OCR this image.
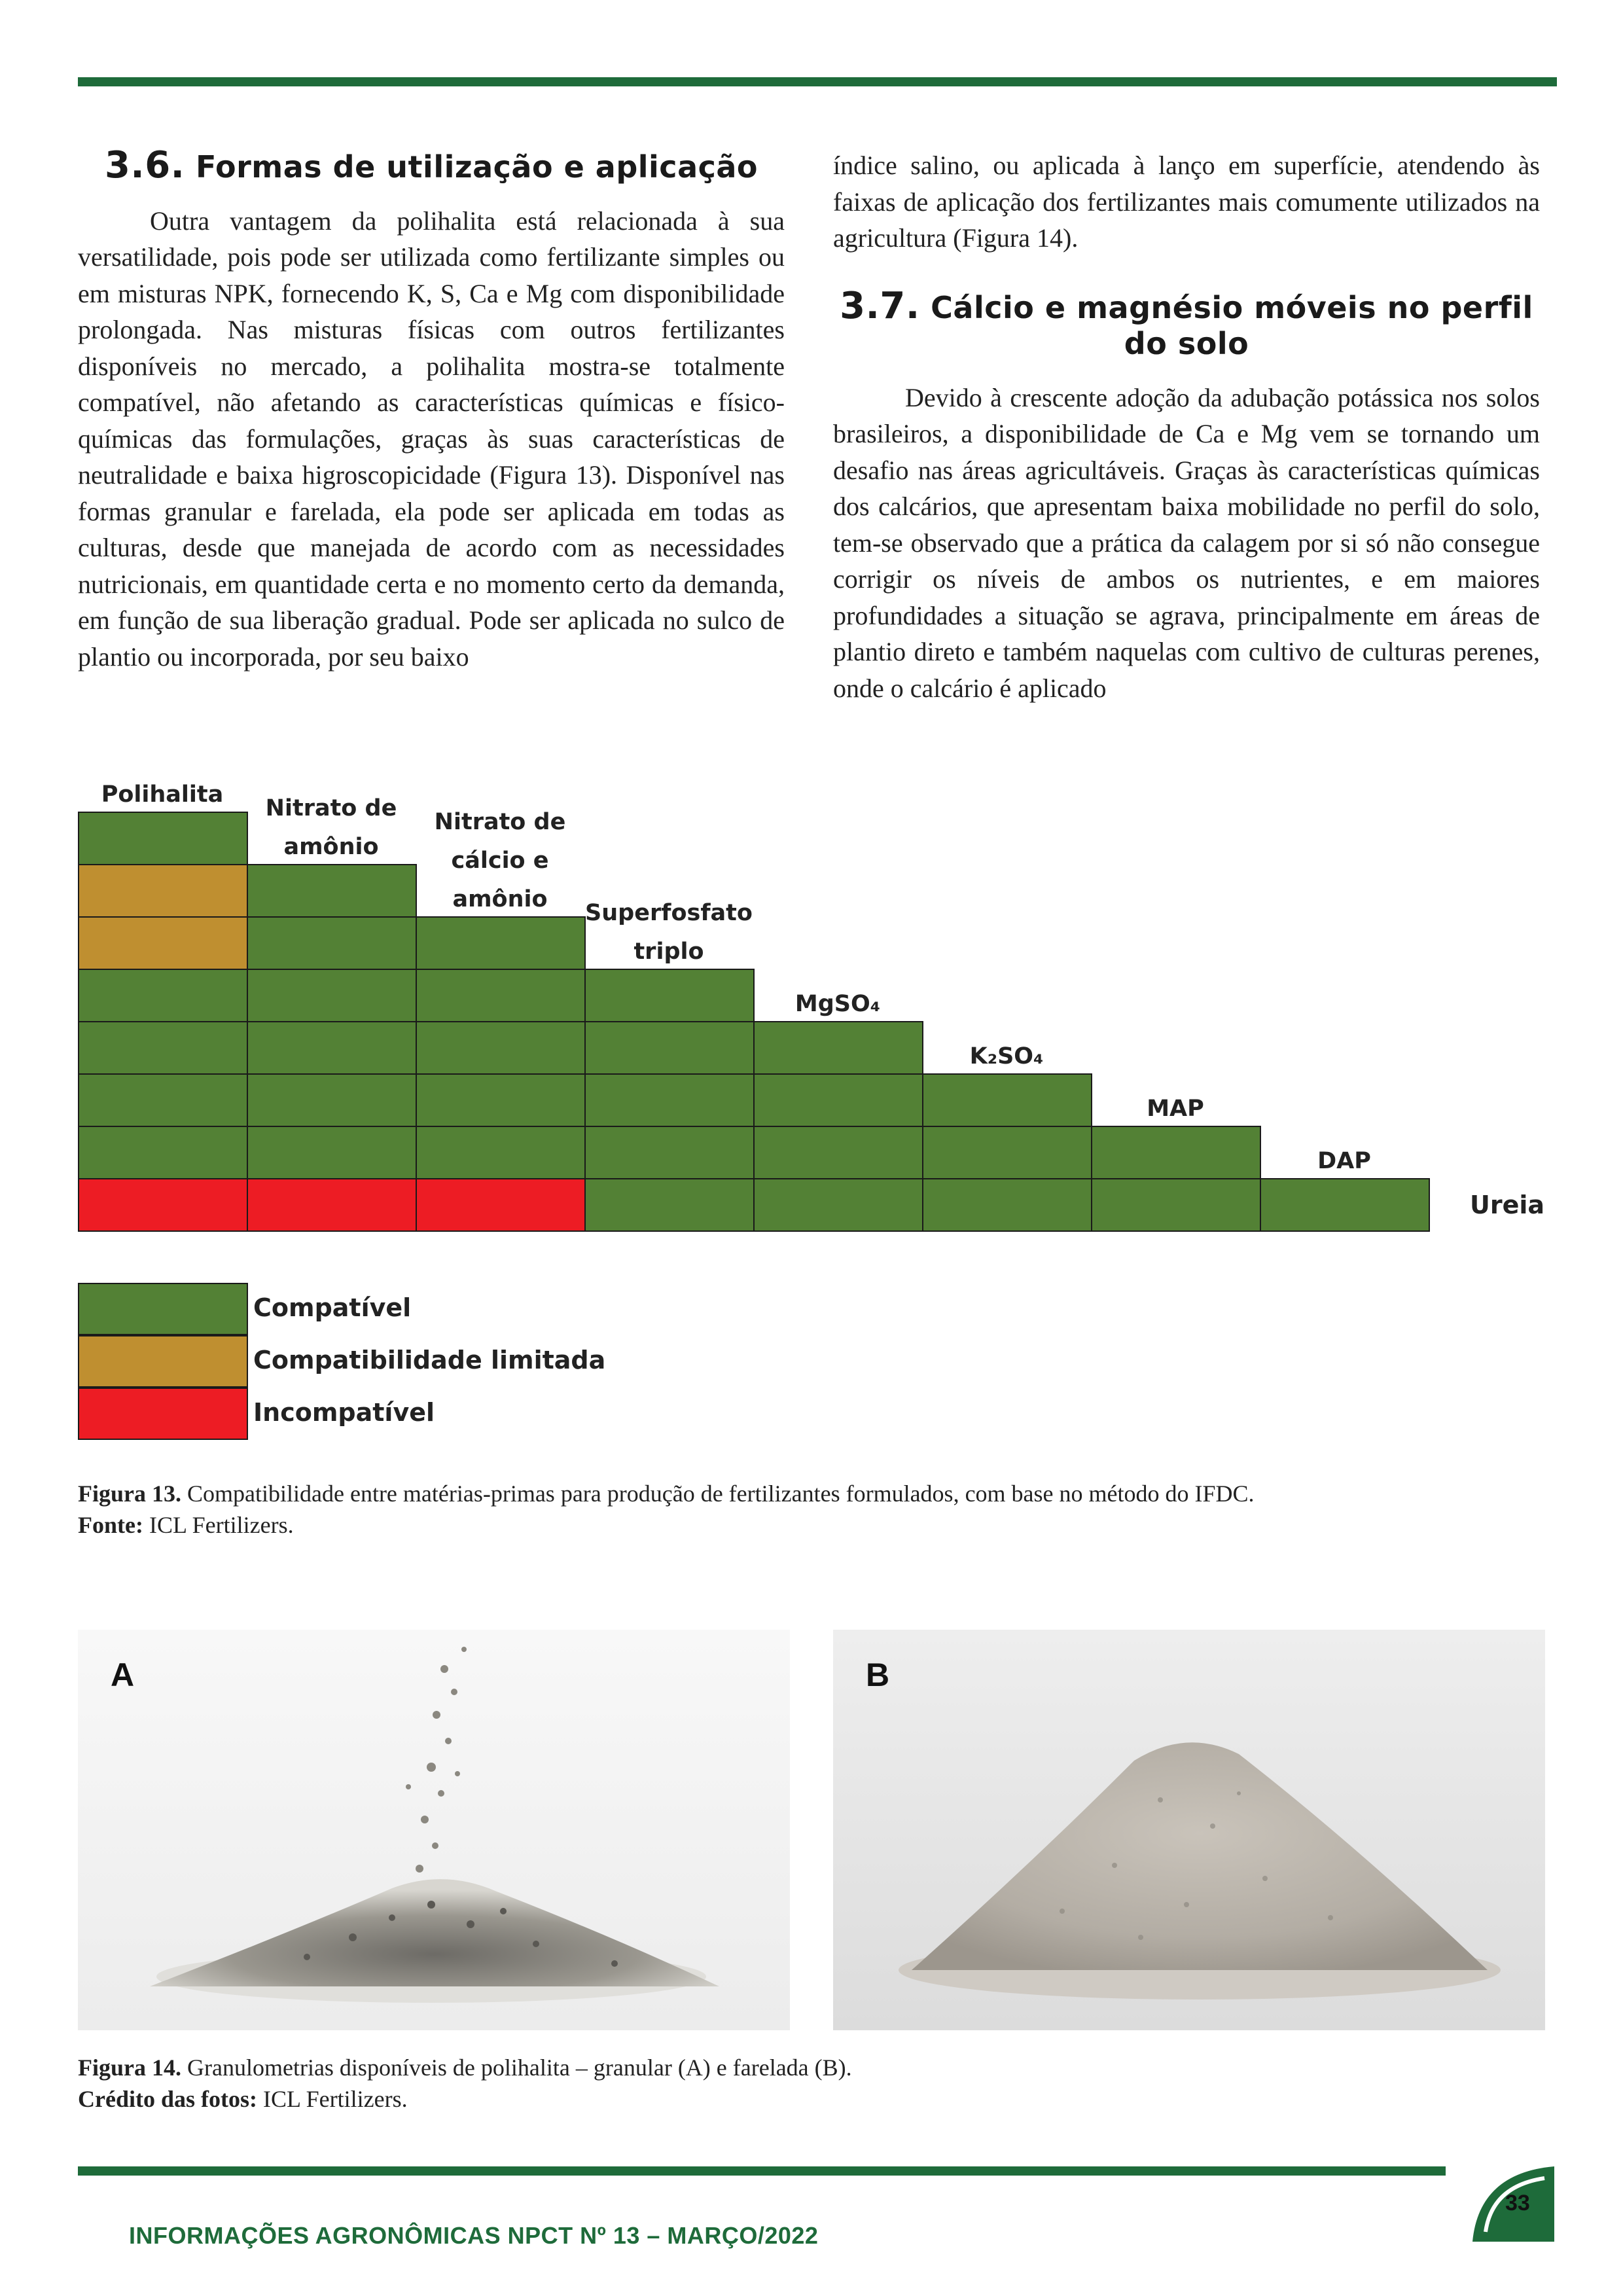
3.6. Formas de utilização e aplicação

Outra vantagem da polihalita está relacionada à sua versatilidade, pois pode ser utilizada como fertilizante simples ou em misturas NPK, fornecendo K, S, Ca e Mg com disponibilidade prolongada. Nas misturas físicas com outros fertilizantes disponíveis no mercado, a polihalita mostra-se totalmente compatível, não afetando as características químicas e físico-químicas das formulações, graças às suas características de neutralidade e baixa higroscopicidade (Figura 13). Disponível nas formas granular e farelada, ela pode ser aplicada em todas as culturas, desde que manejada de acordo com as necessidades nutricionais, em quantidade certa e no momento certo da demanda, em função de sua liberação gradual. Pode ser aplicada no sulco de plantio ou incorporada, por seu baixo

índice salino, ou aplicada à lanço em superfície, atendendo às faixas de aplicação dos fertilizantes mais comumente utilizados na agricultura (Figura 14).

3.7. Cálcio e magnésio móveis no perfil do solo

Devido à crescente adoção da adubação potássica nos solos brasileiros, a disponibilidade de Ca e Mg vem se tornando um desafio nas áreas agricultáveis. Graças às características químicas dos calcários, que apresentam baixa mobilidade no perfil do solo, tem-se observado que a prática da calagem por si só não consegue corrigir os níveis de ambos os nutrientes, e em maiores profundidades a situação se agrava, principalmente em áreas de plantio direto e também naquelas com cultivo de culturas perenes, onde o calcário é aplicado

Polihalita
Nitrato de
amônio
Nitrato de
cálcio e
amônio
Superfosfato
triplo
MgSO₄
K₂SO₄
MAP
DAP
Ureia
Compatível
Compatibilidade limitada
Incompatível
Figura 13. Compatibilidade entre matérias-primas para produção de fertilizantes formulados, com base no método do IFDC.
Fonte: ICL Fertilizers.
A	B
Figura 14. Granulometrias disponíveis de polihalita – granular (A) e farelada (B).
Crédito das fotos: ICL Fertilizers.
33
INFORMAÇÕES AGRONÔMICAS NPCT Nº 13 – MARÇO/2022
